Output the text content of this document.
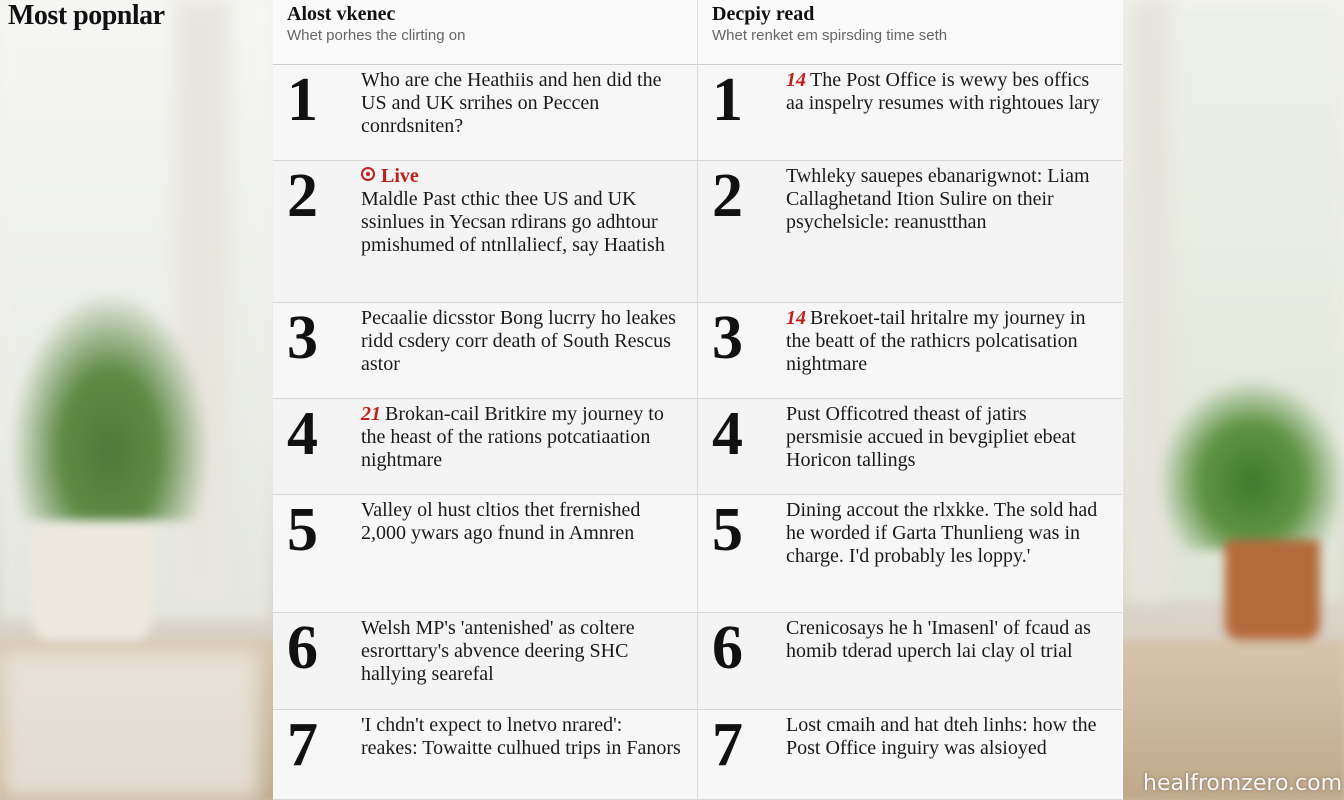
Most popnlar	Alost vkenec
Whet porhes the clirting on
1	Who are che Heathiis and hen did the US and UK srrihes on Peccen conrdsniten?
2	Live
Maldle Past cthic thee US and UK ssinlues in Yecsan rdirans go adhtour pmishumed of ntnllaliecf, say Haatish
3	Pecaalie dicsstor Bong lucrry ho leakes ridd csdery corr death of South Rescus astor
4	21 Brokan-cail Britkire my journey to the heast of the rations potcatiaation nightmare
5	Valley ol hust cltios thet frernished 2,000 ywars ago fnund in Amnren
6	Welsh MP's 'antenished' as coltere esrorttary's abvence deering SHC hallying searefal
7	'I chdn't expect to lnetvo nrared': reakes: Towaitte culhued trips in Fanors
Decpiy read
Whet renket em spirsding time seth
1	14 The Post Office is wewy bes offics aa inspelry resumes with rightoues lary
2	Twhleky sauepes ebanarigwnot: Liam Callaghetand Ition Sulire on their psychelsicle: reanustthan
3	14 Brekoet-tail hritalre my journey in the beatt of the rathicrs polcatisation nightmare
4	Pust Officotred theast of jatirs persmisie accued in bevgipliet ebeat Horicon tallings
5	Dining accout the rlxkke. The sold had he worded if Garta Thunlieng was in charge. I'd probably les loppy.'
6	Crenicosays he h 'Imasenl' of fcaud as homib tderad uperch lai clay ol trial
7	Lost cmaih and hat dteh linhs: how the Post Office inguiry was alsioyed
healfromzero.com
